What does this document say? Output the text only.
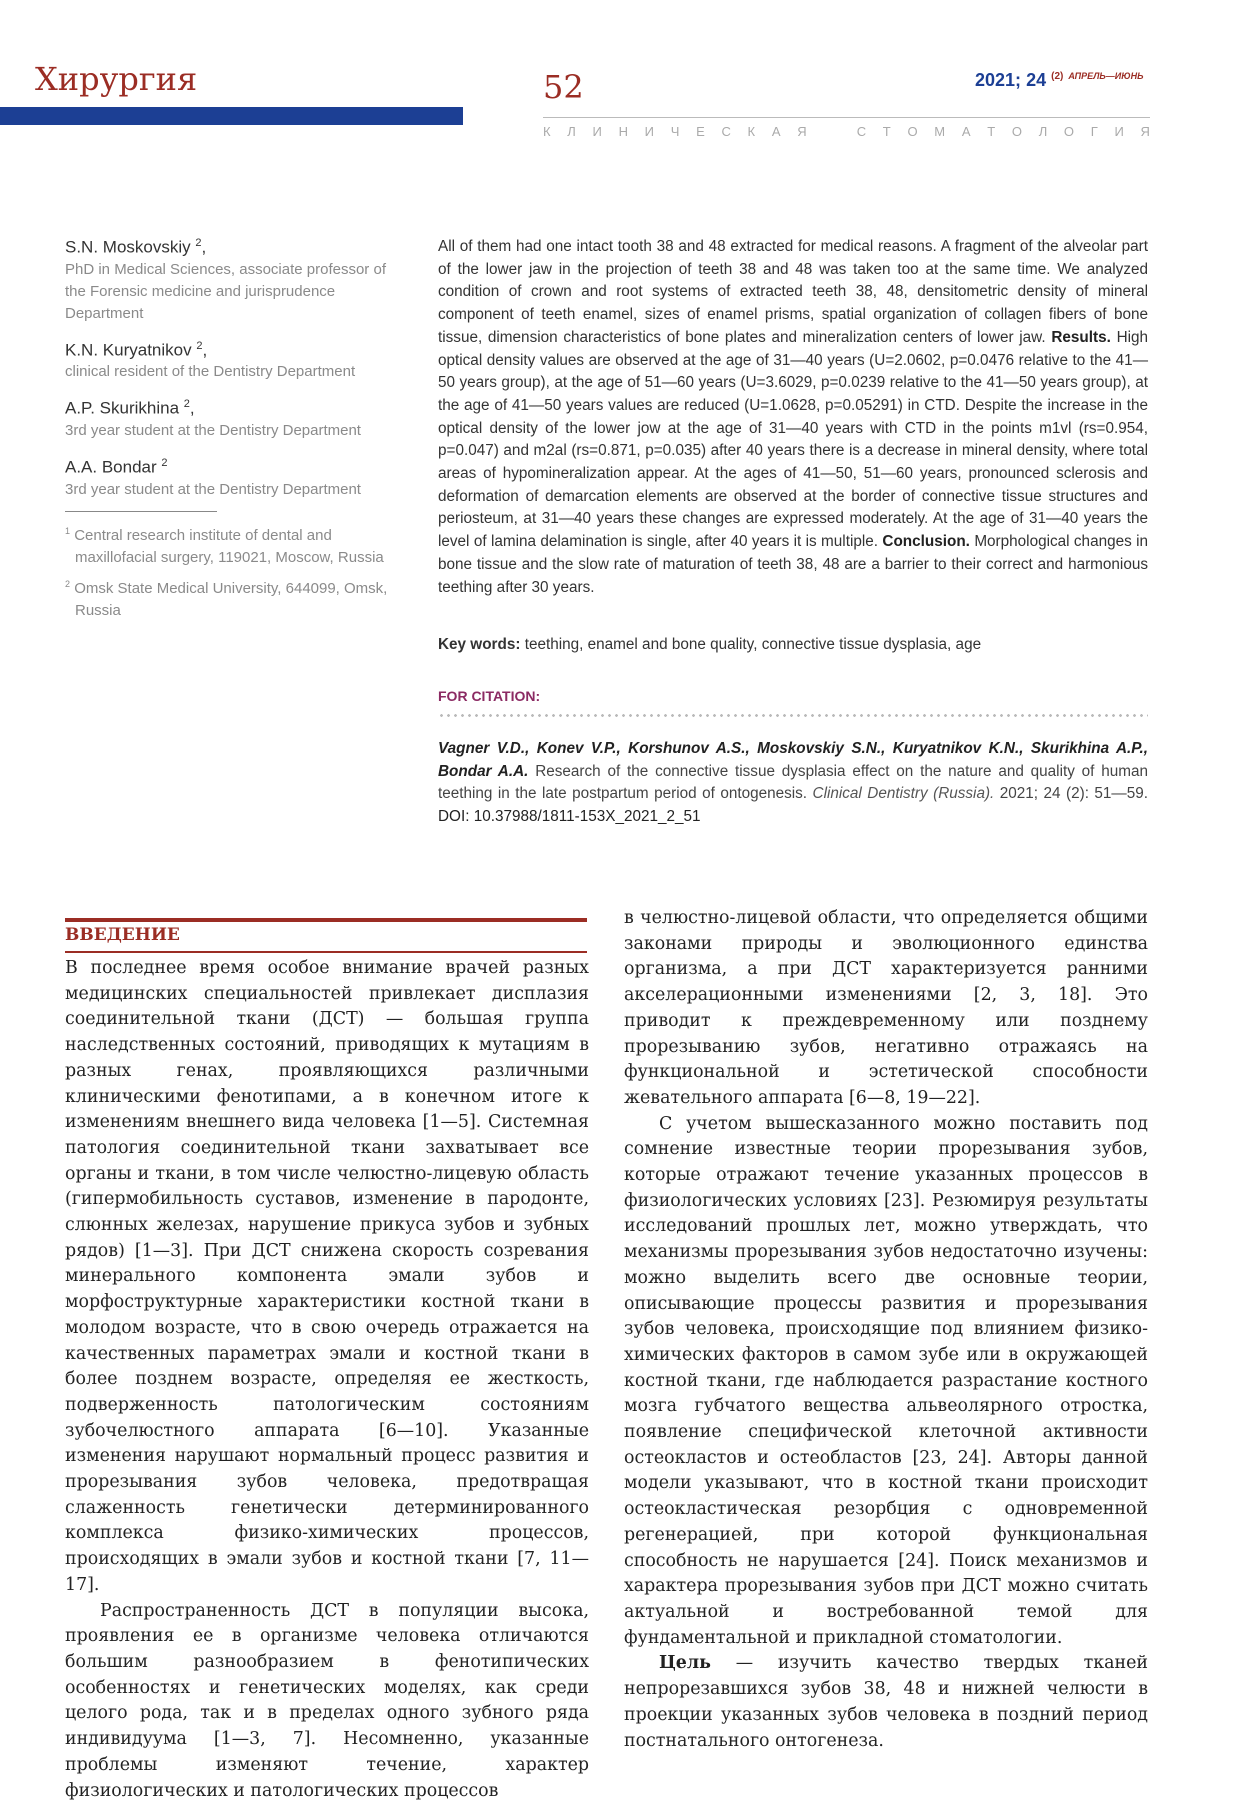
Хирургия	52	2021; 24 $^{(2)}$ $^{АПРЕЛЬ—ИЮНЬ}$
К Л И Н И Ч Е С К А Я	С Т О М А Т О Л О Г И Я
S.N. Moskovskiy $^2$,
PhD in Medical Sciences, associate professor of the Forensic medicine and jurisprudence Department
K.N. Kuryatnikov $^2$,
clinical resident of the Dentistry Department
A.P. Skurikhina $^2$,
3rd year student at the Dentistry Department
A.A. Bondar $^2$
3rd year student at the Dentistry Department
$^1$ Central research institute of dental and maxillofacial surgery, 119021, Moscow, Russia
$^2$ Omsk State Medical University, 644099, Omsk, Russia
All of them had one intact tooth 38 and 48 extracted for medical reasons. A fragment of the alveolar part of the lower jaw in the projection of teeth 38 and 48 was taken too at the same time. We analyzed condition of crown and root systems of extracted teeth 38, 48, densitometric density of mineral component of teeth enamel, sizes of enamel prisms, spatial organization of collagen fibers of bone tissue, dimension characteristics of bone plates and mineralization centers of lower jaw. Results. High optical density values are observed at the age of 31—40 years (U=2.0602, p=0.0476 relative to the 41—50 years group), at the age of 51—60 years (U=3.6029, p=0.0239 relative to the 41—50 years group), at the age of 41—50 years values are reduced (U=1.0628, p=0.05291) in CTD. Despite the increase in the optical density of the lower jow at the age of 31—40 years with CTD in the points m1vl (rs=0.954, p=0.047) and m2al (rs=0.871, p=0.035) after 40 years there is a decrease in mineral density, where total areas of hypomineralization appear. At the ages of 41—50, 51—60 years, pronounced sclerosis and deformation of demarcation elements are observed at the border of connective tissue structures and periosteum, at 31—40 years these changes are expressed moderately. At the age of 31—40 years the level of lamina delamination is single, after 40 years it is multiple. Conclusion. Morphological changes in bone tissue and the slow rate of maturation of teeth 38, 48 are a barrier to their correct and harmonious teething after 30 years.
Key words: teething, enamel and bone quality, connective tissue dysplasia, age
FOR CITATION:
Vagner V.D., Konev V.P., Korshunov A.S., Moskovskiy S.N., Kuryatnikov K.N., Skurikhina A.P., Bondar A.A. Research of the connective tissue dysplasia effect on the nature and quality of human teething in the late postpartum period of ontogenesis. Clinical Dentistry (Russia). 2021; 24 (2): 51—59. DOI: 10.37988/1811-153X_2021_2_51
ВВЕДЕНИЕ

В последнее время особое внимание врачей разных медицинских специальностей привлекает дисплазия соединительной ткани (ДСТ) — большая группа наследственных состояний, приводящих к мутациям в разных генах, проявляющихся различными клиническими фенотипами, а в конечном итоге к изменениям внешнего вида человека [1—5]. Системная патология соединительной ткани захватывает все органы и ткани, в том числе челюстно-лицевую область (гипермобильность суставов, изменение в пародонте, слюнных железах, нарушение прикуса зубов и зубных рядов) [1—3]. При ДСТ снижена скорость созревания минерального компонента эмали зубов и морфоструктурные характеристики костной ткани в молодом возрасте, что в свою очередь отражается на качественных параметрах эмали и костной ткани в более позднем возрасте, определяя ее жесткость, подверженность патологическим состояниям зубочелюстного аппарата [6—10]. Указанные изменения нарушают нормальный процесс развития и прорезывания зубов человека, предотвращая слаженность генетически детерминированного комплекса физико-химических процессов, происходящих в эмали зубов и костной ткани [7, 11—17].

Распространенность ДСТ в популяции высока, проявления ее в организме человека отличаются большим разнообразием в фенотипических особенностях и генетических моделях, как среди целого рода, так и в пределах одного зубного ряда индивидуума [1—3, 7]. Несомненно, указанные проблемы изменяют течение, характер физиологических и патологических процессов

в челюстно-лицевой области, что определяется общими законами природы и эволюционного единства организма, а при ДСТ характеризуется ранними акселерационными изменениями [2, 3, 18]. Это приводит к преждевременному или позднему прорезыванию зубов, негативно отражаясь на функциональной и эстетической способности жевательного аппарата [6—8, 19—22].

С учетом вышесказанного можно поставить под сомнение известные теории прорезывания зубов, которые отражают течение указанных процессов в физиологических условиях [23]. Резюмируя результаты исследований прошлых лет, можно утверждать, что механизмы прорезывания зубов недостаточно изучены: можно выделить всего две основные теории, описывающие процессы развития и прорезывания зубов человека, происходящие под влиянием физико-химических факторов в самом зубе или в окружающей костной ткани, где наблюдается разрастание костного мозга губчатого вещества альвеолярного отростка, появление специфической клеточной активности остеокластов и остеобластов [23, 24]. Авторы данной модели указывают, что в костной ткани происходит остеокластическая резорбция с одновременной регенерацией, при которой функциональная способность не нарушается [24]. Поиск механизмов и характера прорезывания зубов при ДСТ можно считать актуальной и востребованной темой для фундаментальной и прикладной стоматологии.

Цель — изучить качество твердых тканей непрорезавшихся зубов 38, 48 и нижней челюсти в проекции указанных зубов человека в поздний период постнатального онтогенеза.
